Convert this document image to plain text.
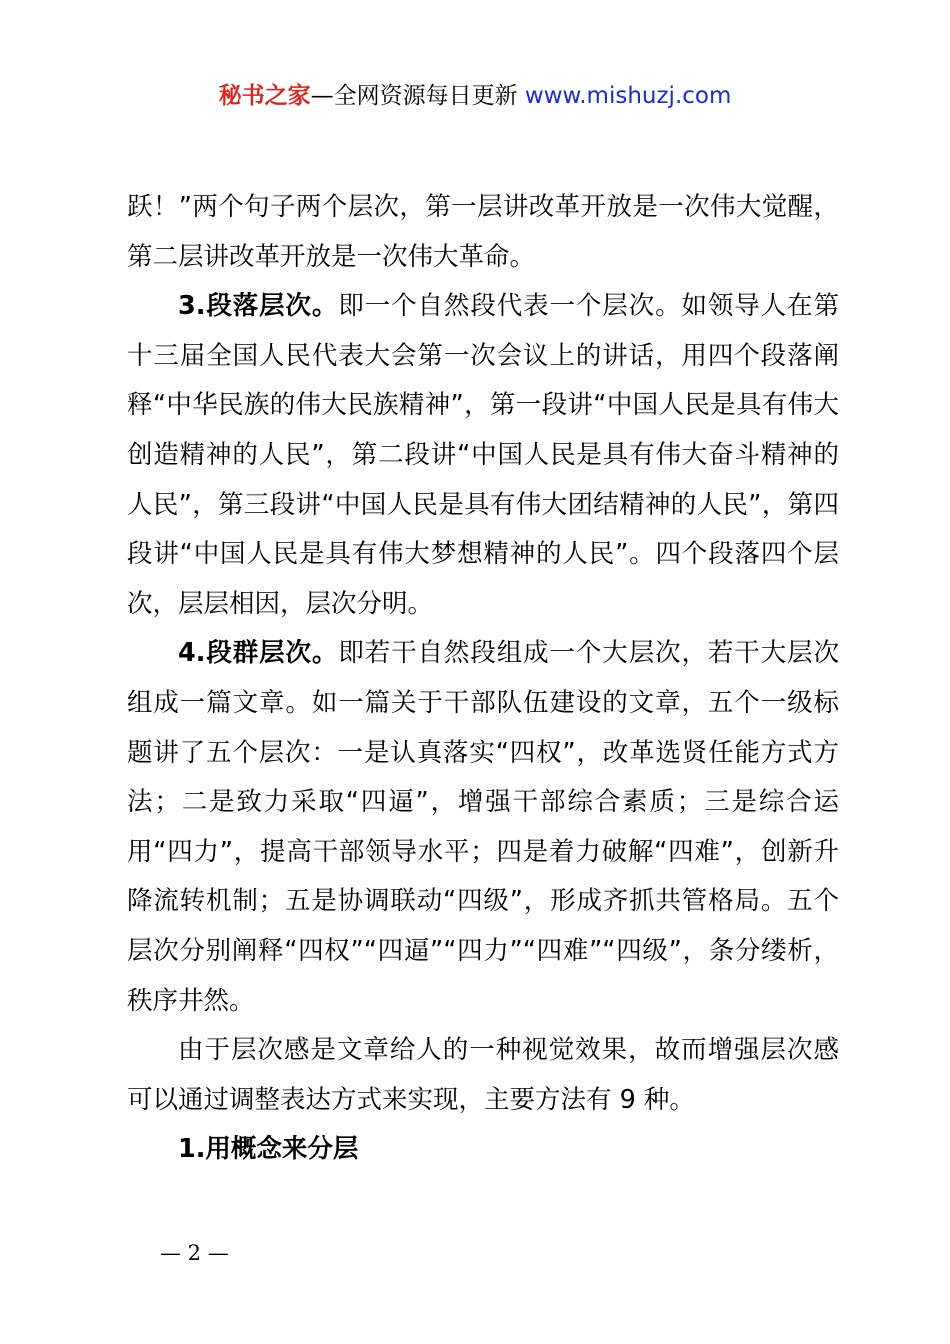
秘书之家—全网资源每日更新 www.mishuzj.com

跃！”两个句子两个层次，第一层讲改革开放是一次伟大觉醒，第二层讲改革开放是一次伟大革命。

3.段落层次。即一个自然段代表一个层次。如领导人在第十三届全国人民代表大会第一次会议上的讲话，用四个段落阐释“中华民族的伟大民族精神”，第一段讲“中国人民是具有伟大创造精神的人民”，第二段讲“中国人民是具有伟大奋斗精神的人民”，第三段讲“中国人民是具有伟大团结精神的人民”，第四段讲“中国人民是具有伟大梦想精神的人民”。四个段落四个层次，层层相因，层次分明。

4.段群层次。即若干自然段组成一个大层次，若干大层次组成一篇文章。如一篇关于干部队伍建设的文章，五个一级标题讲了五个层次：一是认真落实“四权”，改革选贤任能方式方法；二是致力采取“四逼”，增强干部综合素质；三是综合运用“四力”，提高干部领导水平；四是着力破解“四难”，创新升降流转机制；五是协调联动“四级”，形成齐抓共管格局。五个层次分别阐释“四权”“四逼”“四力”“四难”“四级”，条分缕析，秩序井然。

由于层次感是文章给人的一种视觉效果，故而增强层次感可以通过调整表达方式来实现，主要方法有 9 种。

1.用概念来分层

— 2 —
